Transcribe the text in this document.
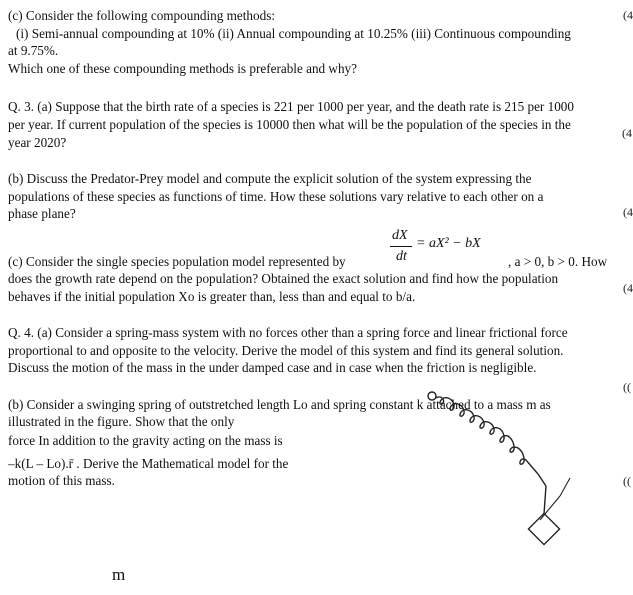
(c) Consider the following compounding methods:
(i) Semi-annual compounding at 10% (ii) Annual compounding at 10.25% (iii) Continuous compounding
at 9.75%.
Which one of these compounding methods is preferable and why?
Q. 3. (a) Suppose that the birth rate of a species is 221 per 1000 per year, and the death rate is 215 per 1000
per year. If current population of the species is 10000 then what will be the population of the species in the
year 2020?
(b) Discuss the Predator-Prey model and compute the explicit solution of the system expressing the
populations of these species as functions of time. How these solutions vary relative to each other on a
phase plane?
dX
dt
= aX² − bX
(c) Consider the single species population model represented by	, a > 0, b > 0. How
does the growth rate depend on the population? Obtained the exact solution and find how the population
behaves if the initial population Xo is greater than, less than and equal to b/a.
Q. 4. (a) Consider a spring-mass system with no forces other than a spring force and linear frictional force
proportional to and opposite to the velocity. Derive the model of this system and find its general solution.
Discuss the motion of the mass in the under damped case and in case when the friction is negligible.
(b) Consider a swinging spring of outstretched length Lo and spring constant k attached to a mass m as
illustrated in the figure. Show that the only
force In addition to the gravity acting on the mass is
–k(L – Lo).r̄ . Derive the Mathematical model for the
motion of this mass.
m
(4
(4
(4
(4
((
((
